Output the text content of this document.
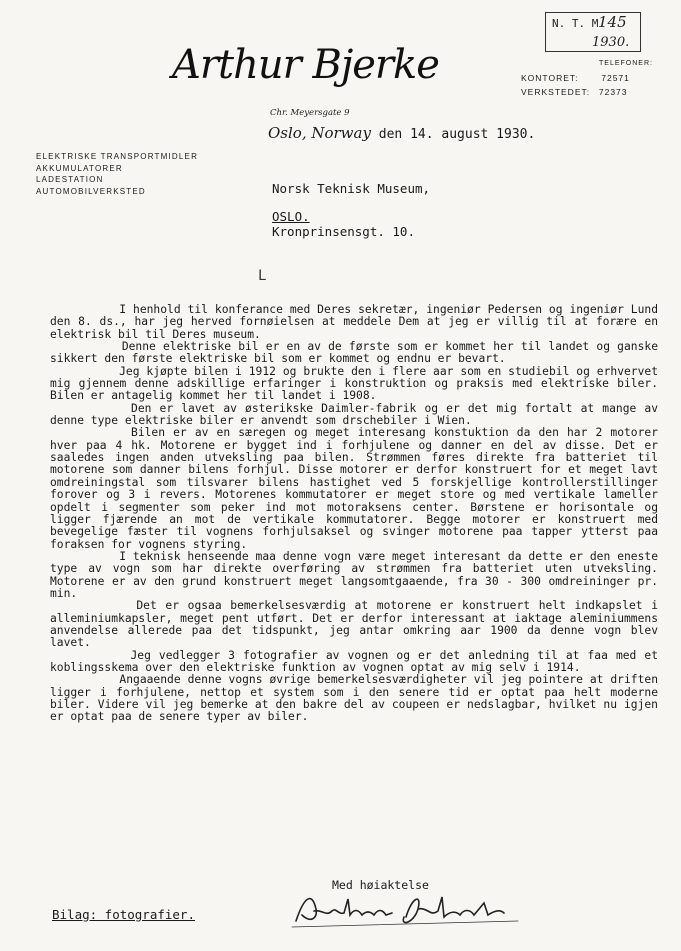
N. T. M.
145
1930.
Arthur Bjerke
Chr. Meyersgate 9
Oslo, Norway den 14. august 1930.
TELEFONER:
KONTORET:	72571
VERKSTEDET: 72373
ELEKTRISKE TRANSPORTMIDLER
AKKUMULATORER
LADESTATION
AUTOMOBILVERKSTED	Norsk Teknisk Museum,
OSLO.
Kronprinsensgt. 10.
L

I henhold til konferance med Deres sekretær, ingeniør Pedersen og ingeniør Lund den 8. ds., har jeg herved fornøielsen at meddele Dem at jeg er villig til at forære en elektrisk bil til Deres museum.

Denne elektriske bil er en av de første som er kommet her til landet og ganske sikkert den første elektriske bil som er kommet og endnu er bevart.

Jeg kjøpte bilen i 1912 og brukte den i flere aar som en studiebil og erhvervet mig gjennem denne adskillige erfaringer i konstruktion og praksis med elektriske biler. Bilen er antagelig kommet her til landet i 1908.

Den er lavet av østerikske Daimler-fabrik og er det mig fortalt at mange av denne type elektriske biler er anvendt som drschebiler i Wien.

Bilen er av en særegen og meget interesang konstuktion da den har 2 motorer hver paa 4 hk. Motorene er bygget ind i forhjulene og danner en del av disse. Det er saaledes ingen anden utveksling paa bilen. Strømmen føres direkte fra batteriet til motorene som danner bilens forhjul. Disse motorer er derfor konstruert for et meget lavt omdreiningstal som tilsvarer bilens hastighet ved 5 forskjellige kontrollerstillinger forover og 3 i revers. Motorenes kommutatorer er meget store og med vertikale lameller opdelt i segmenter som peker ind mot motoraksens center. Børstene er horisontale og ligger fjærende an mot de vertikale kommutatorer. Begge motorer er konstruert med bevegelige fæster til vognens forhjulsaksel og svinger motorene paa tapper ytterst paa foraksen for vognens styring.

I teknisk henseende maa denne vogn være meget interesant da dette er den eneste type av vogn som har direkte overføring av strømmen fra batteriet uten utveksling. Motorene er av den grund konstruert meget langsomtgaaende, fra 30 - 300 omdreininger pr. min.

Det er ogsaa bemerkelsesværdig at motorene er konstruert helt indkapslet i alleminiumkapsler, meget pent utført. Det er derfor interessant at iaktage aleminiummens anvendelse allerede paa det tidspunkt, jeg antar omkring aar 1900 da denne vogn blev lavet.

Jeg vedlegger 3 fotografier av vognen og er det anledning til at faa med et koblingsskema over den elektriske funktion av vognen optat av mig selv i 1914.

Angaaende denne vogns øvrige bemerkelsesværdigheter vil jeg pointere at driften ligger i forhjulene, nettop et system som i den senere tid er optat paa helt moderne biler. Videre vil jeg bemerke at den bakre del av coupeen er nedslagbar, hvilket nu igjen er optat paa de senere typer av biler.

Med høiaktelse
Bilag: fotografier.
